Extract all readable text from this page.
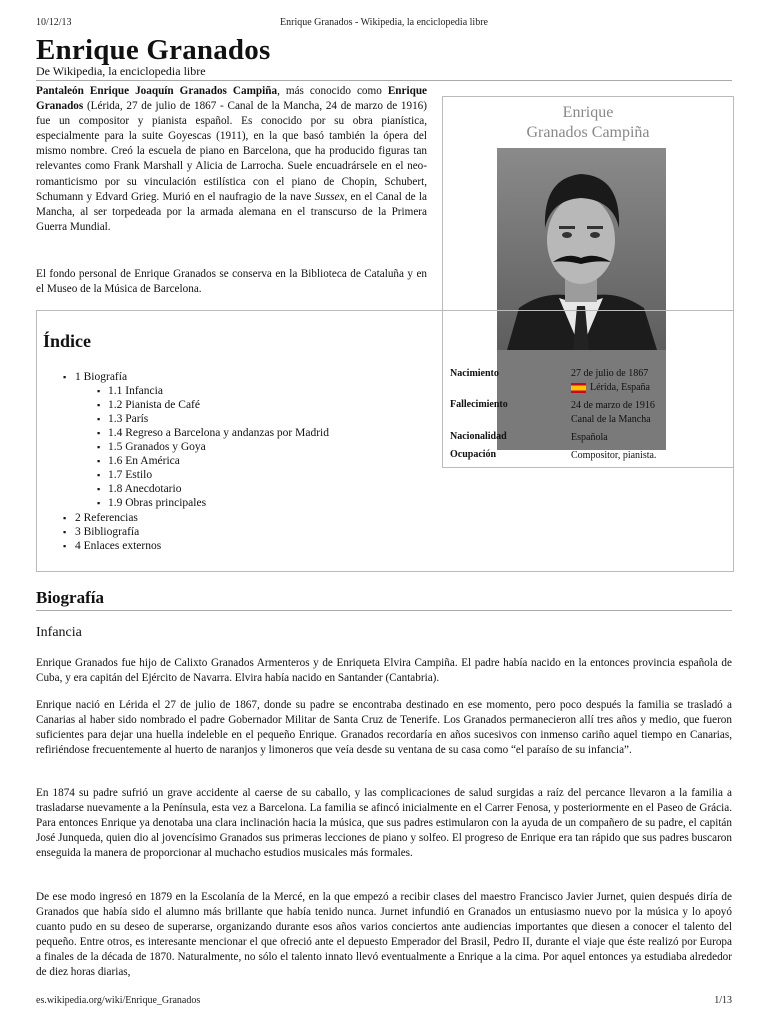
10/12/13	Enrique Granados - Wikipedia, la enciclopedia libre
Enrique Granados
De Wikipedia, la enciclopedia libre
Pantaleón Enrique Joaquín Granados Campiña, más conocido como Enrique Granados (Lérida, 27 de julio de 1867 - Canal de la Mancha, 24 de marzo de 1916) fue un compositor y pianista español. Es conocido por su obra pianística, especialmente para la suite Goyescas (1911), en la que basó también la ópera del mismo nombre. Creó la escuela de piano en Barcelona, que ha producido figuras tan relevantes como Frank Marshall y Alicia de Larrocha. Suele encuadrársele en el neo-romanticismo por su vinculación estilística con el piano de Chopin, Schubert, Schumann y Edvard Grieg. Murió en el naufragio de la nave Sussex, en el Canal de la Mancha, al ser torpedeada por la armada alemana en el transcurso de la Primera Guerra Mundial.
El fondo personal de Enrique Granados se conserva en la Biblioteca de Cataluña y en el Museo de la Música de Barcelona.
Enrique
Granados Campiña
Nacimiento	27 de julio de 1867
Lérida, España
Fallecimiento	24 de marzo de 1916
Canal de la Mancha
Nacionalidad	Española
Ocupación	Compositor, pianista.
Índice
▪ 1 Biografía
▪ 1.1 Infancia
▪ 1.2 Pianista de Café
▪ 1.3 París
▪ 1.4 Regreso a Barcelona y andanzas por Madrid
▪ 1.5 Granados y Goya
▪ 1.6 En América
▪ 1.7 Estilo
▪ 1.8 Anecdotario
▪ 1.9 Obras principales
▪ 2 Referencias
▪ 3 Bibliografía
▪ 4 Enlaces externos
Biografía
Infancia
Enrique Granados fue hijo de Calixto Granados Armenteros y de Enriqueta Elvira Campiña. El padre había nacido en la entonces provincia española de Cuba, y era capitán del Ejército de Navarra. Elvira había nacido en Santander (Cantabria).
Enrique nació en Lérida el 27 de julio de 1867, donde su padre se encontraba destinado en ese momento, pero poco después la familia se trasladó a Canarias al haber sido nombrado el padre Gobernador Militar de Santa Cruz de Tenerife. Los Granados permanecieron allí tres años y medio, que fueron suficientes para dejar una huella indeleble en el pequeño Enrique. Granados recordaría en años sucesivos con inmenso cariño aquel tiempo en Canarias, refiriéndose frecuentemente al huerto de naranjos y limoneros que veía desde su ventana de su casa como “el paraíso de su infancia”.
En 1874 su padre sufrió un grave accidente al caerse de su caballo, y las complicaciones de salud surgidas a raíz del percance llevaron a la familia a trasladarse nuevamente a la Península, esta vez a Barcelona. La familia se afincó inicialmente en el Carrer Fenosa, y posteriormente en el Paseo de Grácia. Para entonces Enrique ya denotaba una clara inclinación hacia la música, que sus padres estimularon con la ayuda de un compañero de su padre, el capitán José Junqueda, quien dio al jovencísimo Granados sus primeras lecciones de piano y solfeo. El progreso de Enrique era tan rápido que sus padres buscaron enseguida la manera de proporcionar al muchacho estudios musicales más formales.
De ese modo ingresó en 1879 en la Escolanía de la Mercé, en la que empezó a recibir clases del maestro Francisco Javier Jurnet, quien después diría de Granados que había sido el alumno más brillante que había tenido nunca. Jurnet infundió en Granados un entusiasmo nuevo por la música y lo apoyó cuanto pudo en su deseo de superarse, organizando durante esos años varios conciertos ante audiencias importantes que diesen a conocer el talento del pequeño. Entre otros, es interesante mencionar el que ofreció ante el depuesto Emperador del Brasil, Pedro II, durante el viaje que éste realizó por Europa a finales de la década de 1870. Naturalmente, no sólo el talento innato llevó eventualmente a Enrique a la cima. Por aquel entonces ya estudiaba alrededor de diez horas diarias,
es.wikipedia.org/wiki/Enrique_Granados	1/13
